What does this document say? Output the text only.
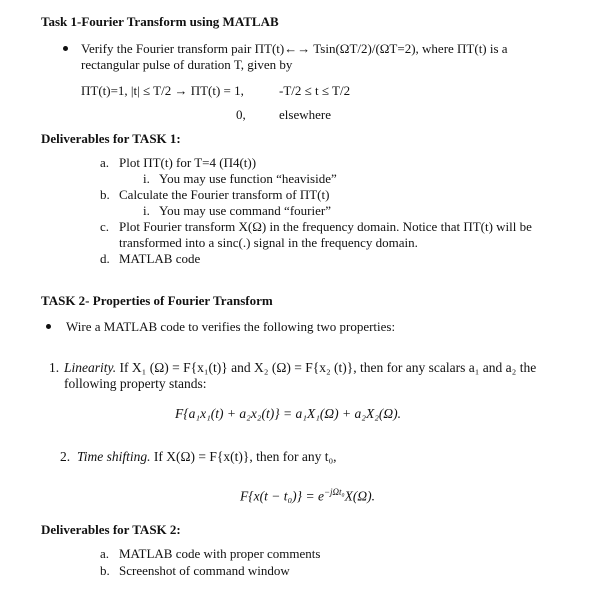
Task 1-Fourier Transform using MATLAB
Verify the Fourier transform pair ΠT(t)←→ Tsin(ΩT/2)/(ΩT=2), where ΠT(t) is a
rectangular pulse of duration T, given by
ΠT(t)=1, |t| ≤ T/2 → ΠT(t) = 1,	-T/2 ≤ t ≤ T/2
0,	elsewhere
Deliverables for TASK 1:
a. Plot ΠT(t) for T=4 (Π4(t))
i. You may use function “heaviside”
b. Calculate the Fourier transform of ΠT(t)
i. You may use command “fourier”
c. Plot Fourier transform X(Ω) in the frequency domain. Notice that ΠT(t) will be
transformed into a sinc(.) signal in the frequency domain.
d. MATLAB code
TASK 2- Properties of Fourier Transform
Wire a MATLAB code to verifies the following two properties:
1. Linearity. If X₁ (Ω) = F{x₁(t)} and X₂ (Ω) = F{x₂ (t)}, then for any scalars a₁ and a₂ the
following property stands:
F{a₁x₁(t) + a₂x₂(t)} = a₁X₁(Ω) + a₂X₂(Ω).
2. Time shifting. If X(Ω) = F{x(t)}, then for any t₀,
$F\{x(t - t_0)\} = e^{-j\Omega t_0}X(\Omega)$.
Deliverables for TASK 2:
a. MATLAB code with proper comments
b. Screenshot of command window
